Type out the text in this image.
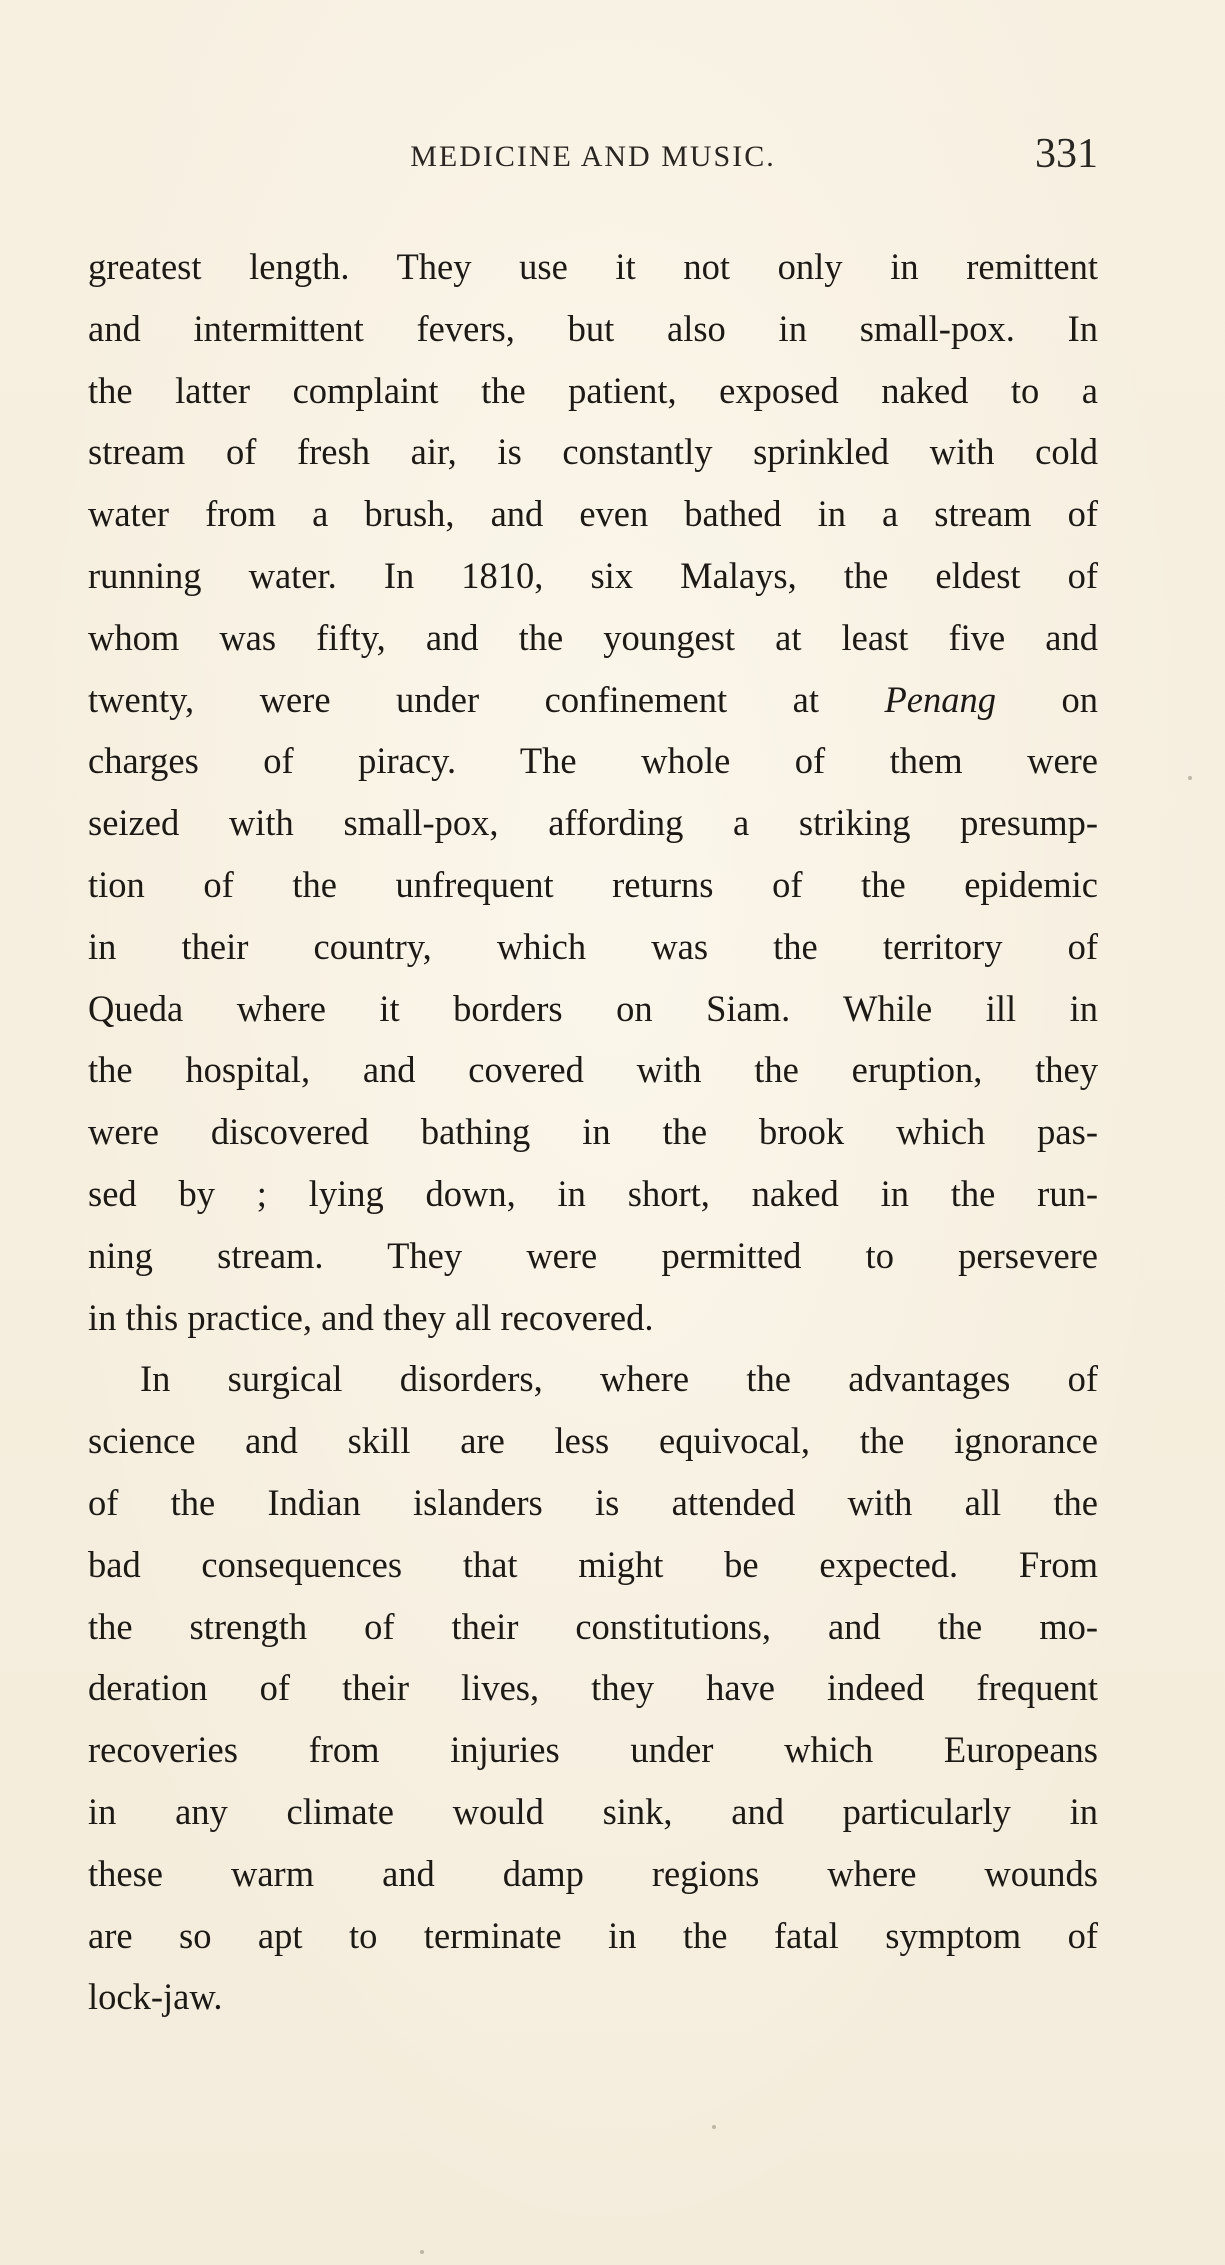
MEDICINE AND MUSIC.	331
greatest length. They use it not only in remittent
and intermittent fevers, but also in small-pox. In
the latter complaint the patient, exposed naked to a
stream of fresh air, is constantly sprinkled with cold
water from a brush, and even bathed in a stream of
running water. In 1810, six Malays, the eldest of
whom was fifty, and the youngest at least five and
twenty, were under confinement at Penang on
charges of piracy. The whole of them were
seized with small-pox, affording a striking presump-
tion of the unfrequent returns of the epidemic
in their country, which was the territory of
Queda where it borders on Siam. While ill in
the hospital, and covered with the eruption, they
were discovered bathing in the brook which pas-
sed by ; lying down, in short, naked in the run-
ning stream. They were permitted to persevere
in this practice, and they all recovered.
In surgical disorders, where the advantages of
science and skill are less equivocal, the ignorance
of the Indian islanders is attended with all the
bad consequences that might be expected. From
the strength of their constitutions, and the mo-
deration of their lives, they have indeed frequent
recoveries from injuries under which Europeans
in any climate would sink, and particularly in
these warm and damp regions where wounds
are so apt to terminate in the fatal symptom of
lock-jaw.
